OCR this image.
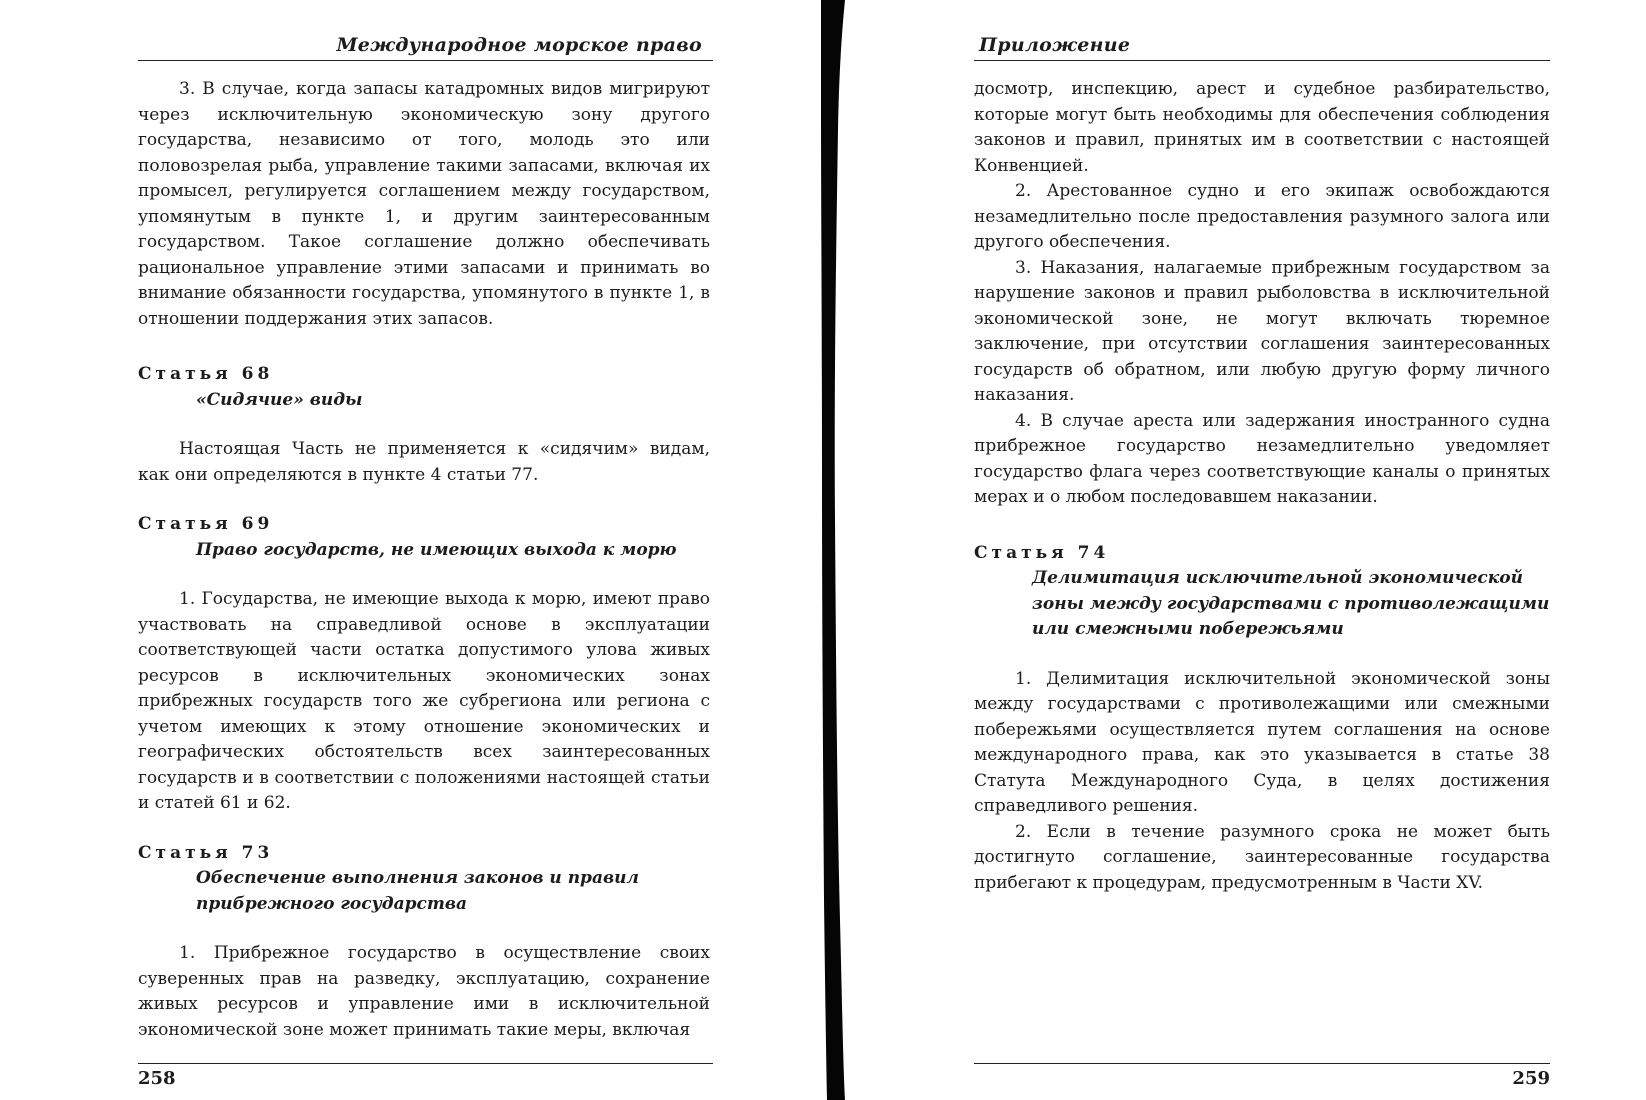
Международное морское право

3. В случае, когда запасы катадромных видов мигрируют через исключительную экономическую зону другого государства, независимо от того, молодь это или половозрелая рыба, управление такими запасами, включая их промысел, регулируется соглашением между государством, упомянутым в пункте 1, и другим заинтересованным государством. Такое соглашение должно обеспечивать рациональное управление этими запасами и принимать во внимание обязанности государства, упомянутого в пункте 1, в отношении поддержания этих запасов.

Статья 68
«Сидячие» виды

Настоящая Часть не применяется к «сидячим» видам, как они определяются в пункте 4 статьи 77.

Статья 69
Право государств, не имеющих выхода к морю

1. Государства, не имеющие выхода к морю, имеют право участвовать на справедливой основе в эксплуатации соответствующей части остатка допустимого улова живых ресурсов в исключительных экономических зонах прибрежных государств того же субрегиона или региона с учетом имеющих к этому отношение экономических и географических обстоятельств всех заинтересованных государств и в соответствии с положениями настоящей статьи и статей 61 и 62.

Статья 73
Обеспечение выполнения законов и правил
прибрежного государства

1. Прибрежное государство в осуществление своих суверенных прав на разведку, эксплуатацию, сохранение живых ресурсов и управление ими в исключительной экономической зоне может принимать такие меры, включая

258
Приложение

досмотр, инспекцию, арест и судебное разбирательство, которые могут быть необходимы для обеспечения соблюдения законов и правил, принятых им в соответствии с настоящей Конвенцией.

2. Арестованное судно и его экипаж освобождаются незамедлительно после предоставления разумного залога или другого обеспечения.

3. Наказания, налагаемые прибрежным государством за нарушение законов и правил рыболовства в исключительной экономической зоне, не могут включать тюремное заключение, при отсутствии соглашения заинтересованных государств об обратном, или любую другую форму личного наказания.

4. В случае ареста или задержания иностранного судна прибрежное государство незамедлительно уведомляет государство флага через соответствующие каналы о принятых мерах и о любом последовавшем наказании.

Статья 74
Делимитация исключительной экономической
зоны между государствами с противолежащими
или смежными побережьями

1. Делимитация исключительной экономической зоны между государствами с противолежащими или смежными побережьями осуществляется путем соглашения на основе международного права, как это указывается в статье 38 Статута Международного Суда, в целях достижения справедливого решения.

2. Если в течение разумного срока не может быть достигнуто соглашение, заинтересованные государства прибегают к процедурам, предусмотренным в Части XV.

259
